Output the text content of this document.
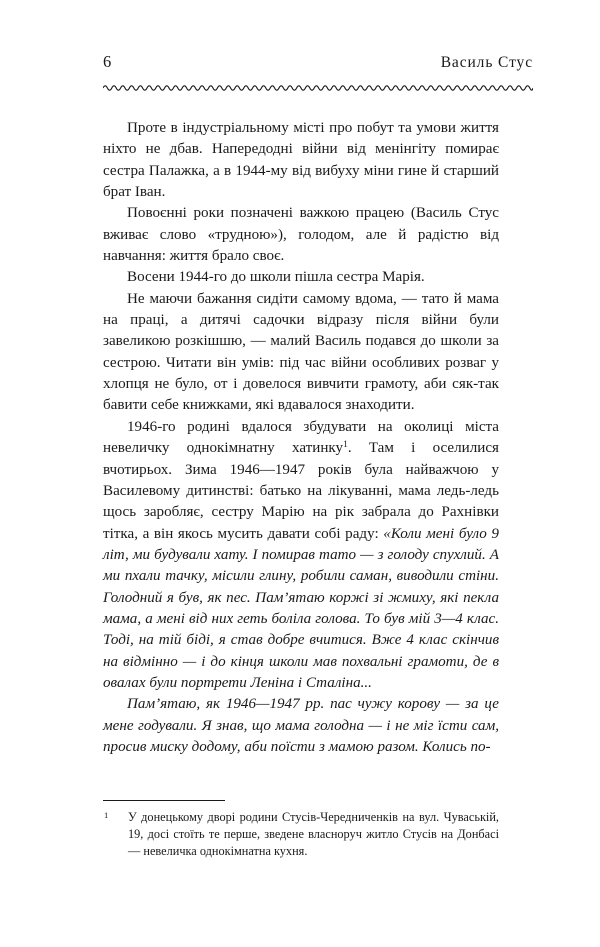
6	Василь Стус

Проте в індустріальному місті про побут та умови життя ніхто не дбав. Напередодні війни від менінгіту помирає сестра Палажка, а в 1944-му від вибуху міни гине й старший брат Іван.

Повоєнні роки позначені важкою працею (Василь Стус вживає слово «трудною»), голодом, але й радістю від навчання: життя брало своє.

Восени 1944-го до школи пішла сестра Марія.

Не маючи бажання сидіти самому вдома, — тато й мама на праці, а дитячі садочки відразу після війни були завеликою розкішшю, — малий Василь подався до школи за сестрою. Читати він умів: під час війни особливих розваг у хлопця не було, от і довелося вивчити грамоту, аби сяк-так бавити себе книжками, які вдавалося знаходити.

1946-го родині вдалося збудувати на околиці міста невеличку однокімнатну хатинку$^1$. Там і оселилися вчотирьох. Зима 1946—1947 років була найважчою у Василевому дитинстві: батько на лікуванні, мама ледь-ледь щось заробляє, сестру Марію на рік забрала до Рахнівки тітка, а він якось мусить давати собі раду: «Коли мені було 9 літ, ми будували хату. І помирав тато — з голоду спухлий. А ми пхали тачку, місили глину, робили саман, виводили стіни. Голодний я був, як пес. Пам’ятаю коржі зі жмиху, які пекла мама, а мені від них геть боліла голова. То був мій 3—4 клас. Тоді, на тій біді, я став добре вчитися. Вже 4 клас скінчив на відмінно — і до кінця школи мав похвальні грамоти, де в овалах були портрети Леніна і Сталіна...

Пам’ятаю, як 1946—1947 рр. пас чужу корову — за це мене годували. Я знав, що мама голодна — і не міг їсти сам, просив миску додому, аби поїсти з мамою разом. Колись по-

1 У донецькому дворі родини Стусів-Чередниченків на вул. Чуваській, 19, досі стоїть те перше, зведене власноруч житло Стусів на Донбасі — невеличка однокімнатна кухня.
